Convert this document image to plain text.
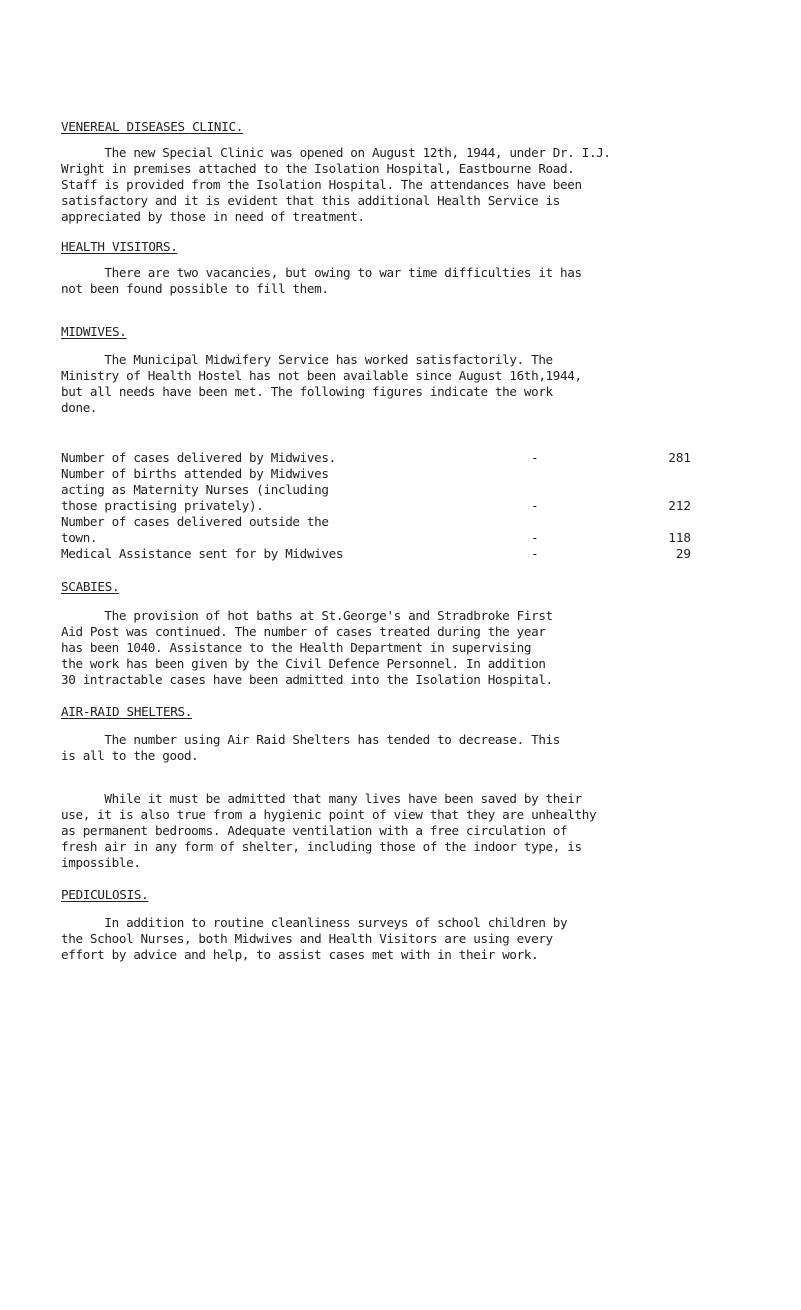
VENEREAL DISEASES CLINIC.

The new Special Clinic was opened on August 12th, 1944, under Dr. I.J.
Wright in premises attached to the Isolation Hospital, Eastbourne Road.
Staff is provided from the Isolation Hospital. The attendances have been
satisfactory and it is evident that this additional Health Service is
appreciated by those in need of treatment.

HEALTH VISITORS.

There are two vacancies, but owing to war time difficulties it has
not been found possible to fill them.

MIDWIVES.

The Municipal Midwifery Service has worked satisfactorily. The
Ministry of Health Hostel has not been available since August 16th,1944,
but all needs have been met. The following figures indicate the work
done.

Number of cases delivered by Midwives.	-	281
Number of births attended by Midwives
acting as Maternity Nurses (including
those practising privately).	-	212
Number of cases delivered outside the
town.	-	118
Medical Assistance sent for by Midwives	-	29
SCABIES.

The provision of hot baths at St.George's and Stradbroke First
Aid Post was continued. The number of cases treated during the year
has been 1040. Assistance to the Health Department in supervising
the work has been given by the Civil Defence Personnel. In addition
30 intractable cases have been admitted into the Isolation Hospital.

AIR-RAID SHELTERS.

The number using Air Raid Shelters has tended to decrease. This
is all to the good.

While it must be admitted that many lives have been saved by their
use, it is also true from a hygienic point of view that they are unhealthy
as permanent bedrooms. Adequate ventilation with a free circulation of
fresh air in any form of shelter, including those of the indoor type, is
impossible.

PEDICULOSIS.

In addition to routine cleanliness surveys of school children by
the School Nurses, both Midwives and Health Visitors are using every
effort by advice and help, to assist cases met with in their work.
